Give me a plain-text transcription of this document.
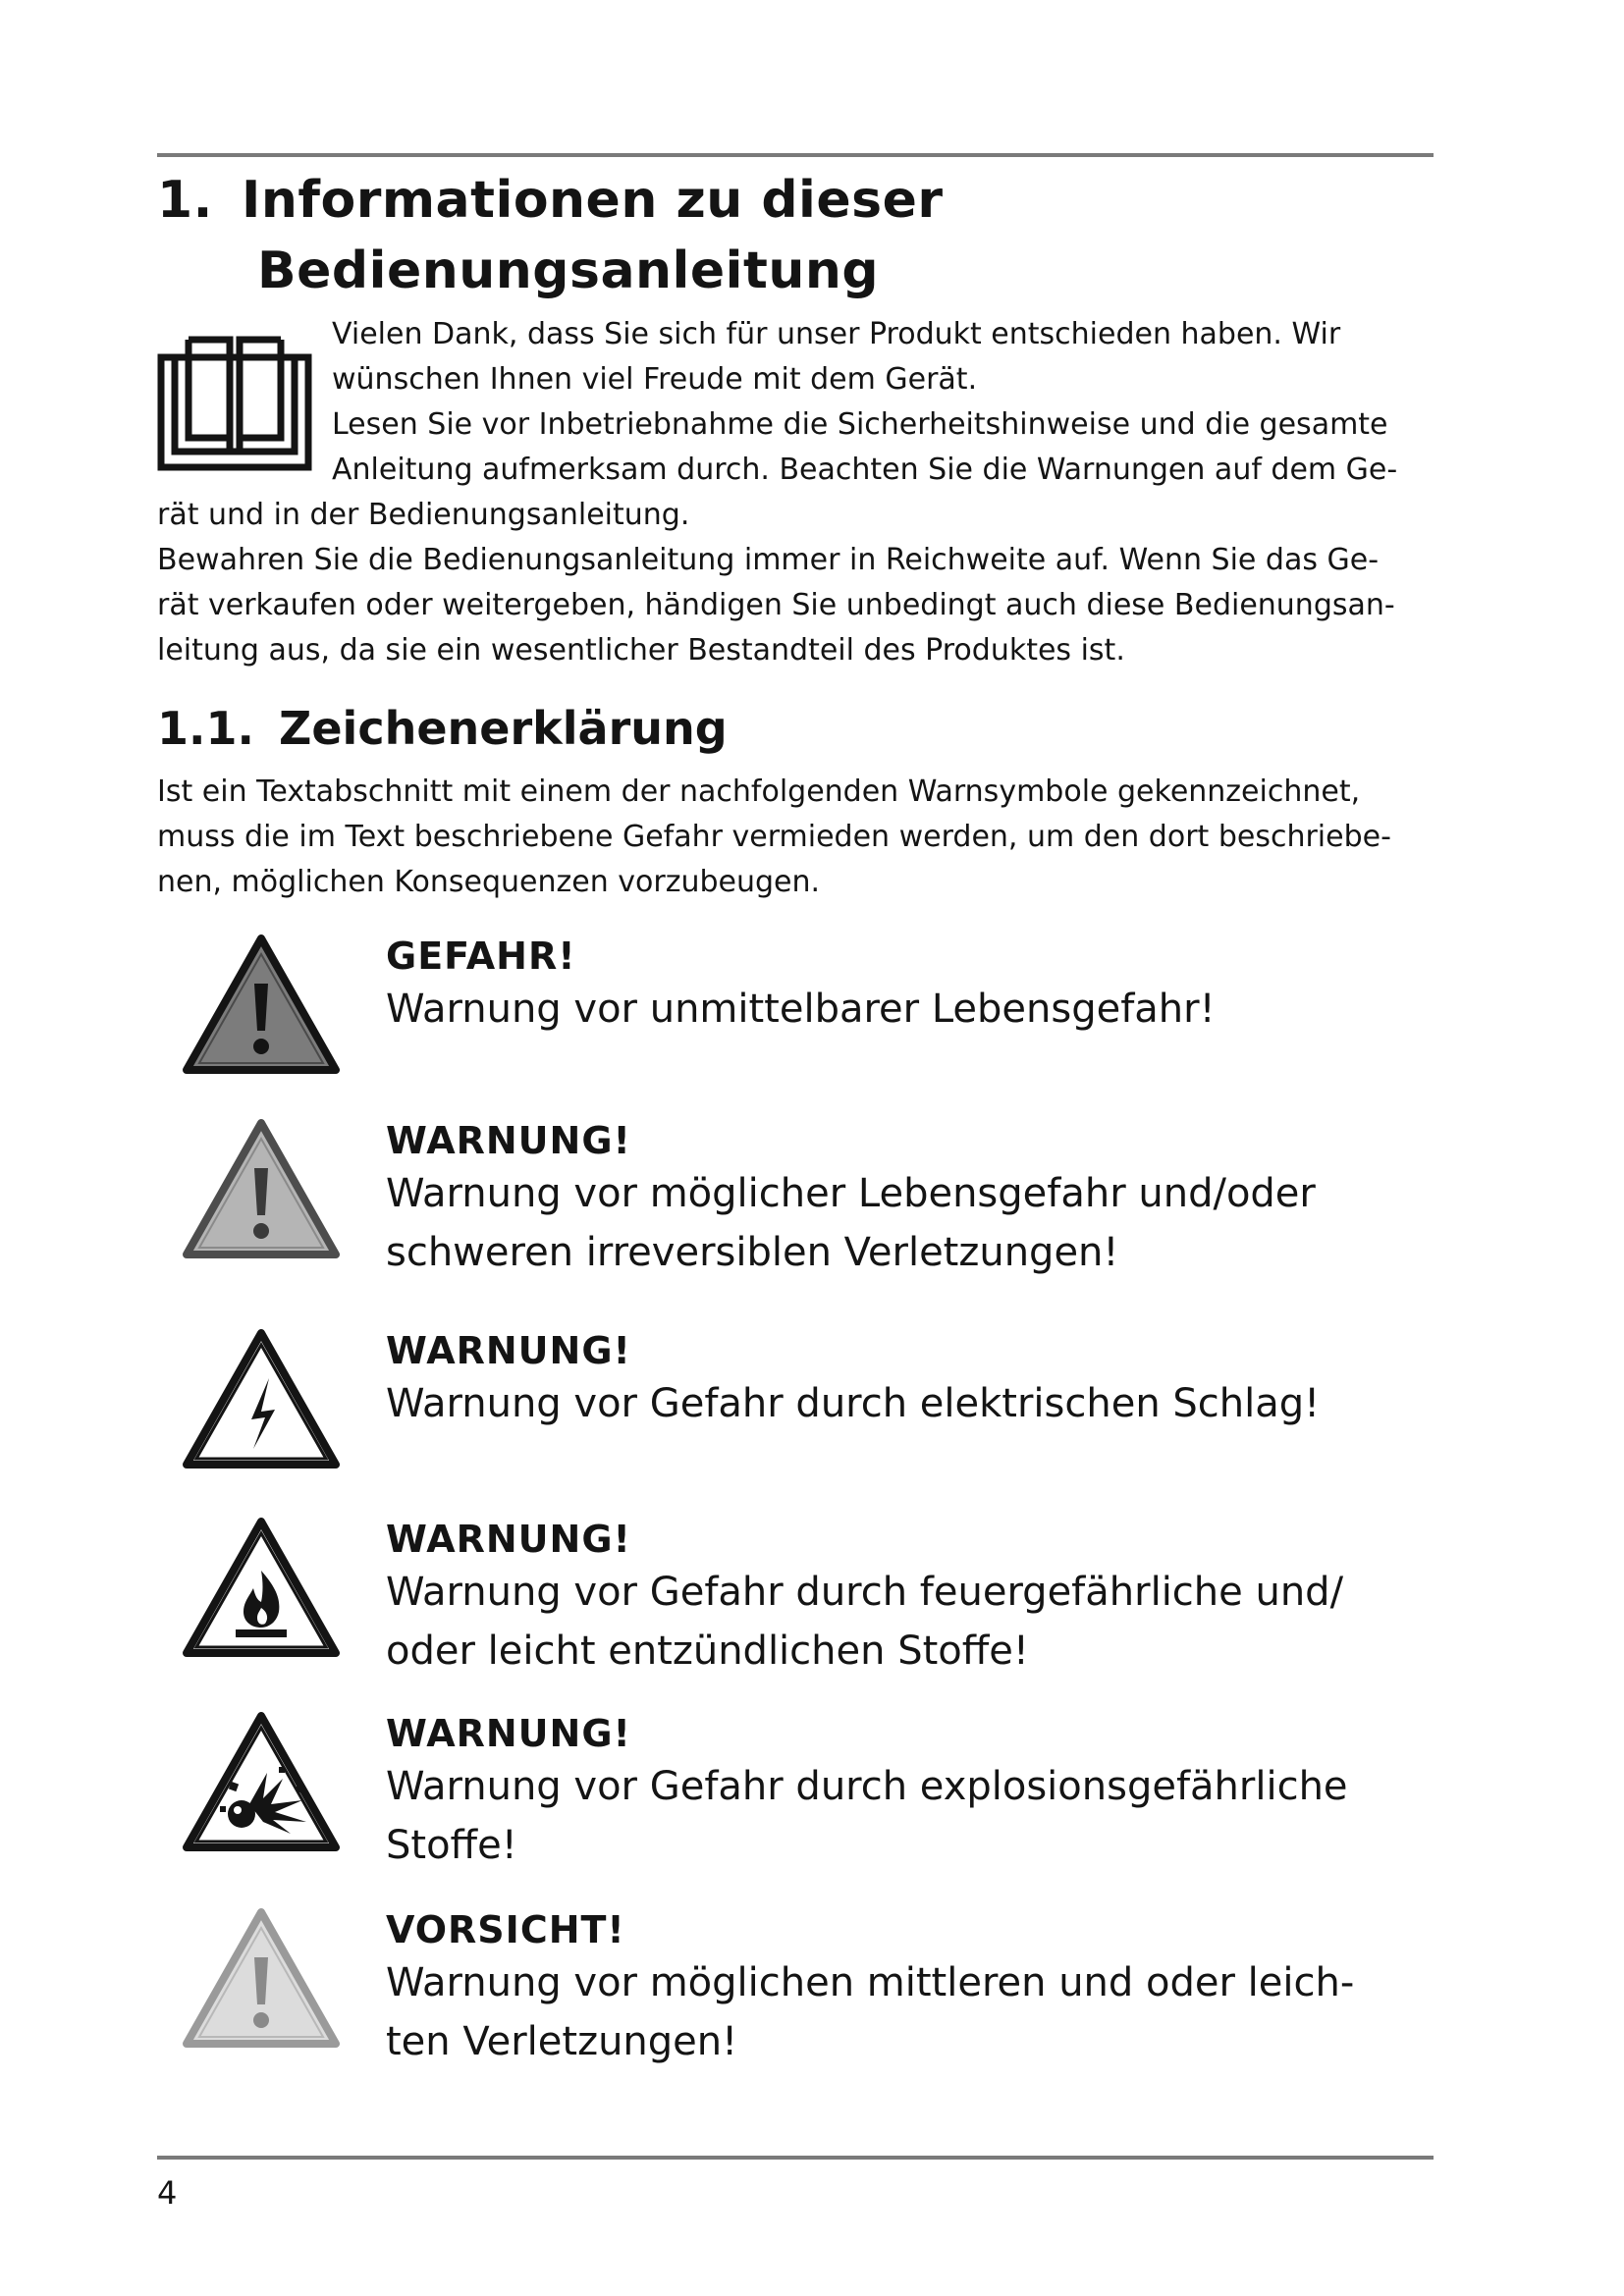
1. Informationen zu dieser
Bedienungsanleitung
Vielen Dank, dass Sie sich für unser Produkt entschieden haben. Wir
wünschen Ihnen viel Freude mit dem Gerät.
Lesen Sie vor Inbetriebnahme die Sicherheitshinweise und die gesamte
Anleitung aufmerksam durch. Beachten Sie die Warnungen auf dem Ge-
rät und in der Bedienungsanleitung.
Bewahren Sie die Bedienungsanleitung immer in Reichweite auf. Wenn Sie das Ge-
rät verkaufen oder weitergeben, händigen Sie unbedingt auch diese Bedienungsan-
leitung aus, da sie ein wesentlicher Bestandteil des Produktes ist.
1.1. Zeichenerklärung
Ist ein Textabschnitt mit einem der nachfolgenden Warnsymbole gekennzeichnet,
muss die im Text beschriebene Gefahr vermieden werden, um den dort beschriebe-
nen, möglichen Konsequenzen vorzubeugen.
GEFAHR!
Warnung vor unmittelbarer Lebensgefahr!
WARNUNG!
Warnung vor möglicher Lebensgefahr und/oder
schweren irreversiblen Verletzungen!
WARNUNG!
Warnung vor Gefahr durch elektrischen Schlag!
WARNUNG!
Warnung vor Gefahr durch feuergefährliche und/
oder leicht entzündlichen Stoffe!
WARNUNG!
Warnung vor Gefahr durch explosionsgefährliche
Stoffe!
VORSICHT!
Warnung vor möglichen mittleren und oder leich-
ten Verletzungen!
4
